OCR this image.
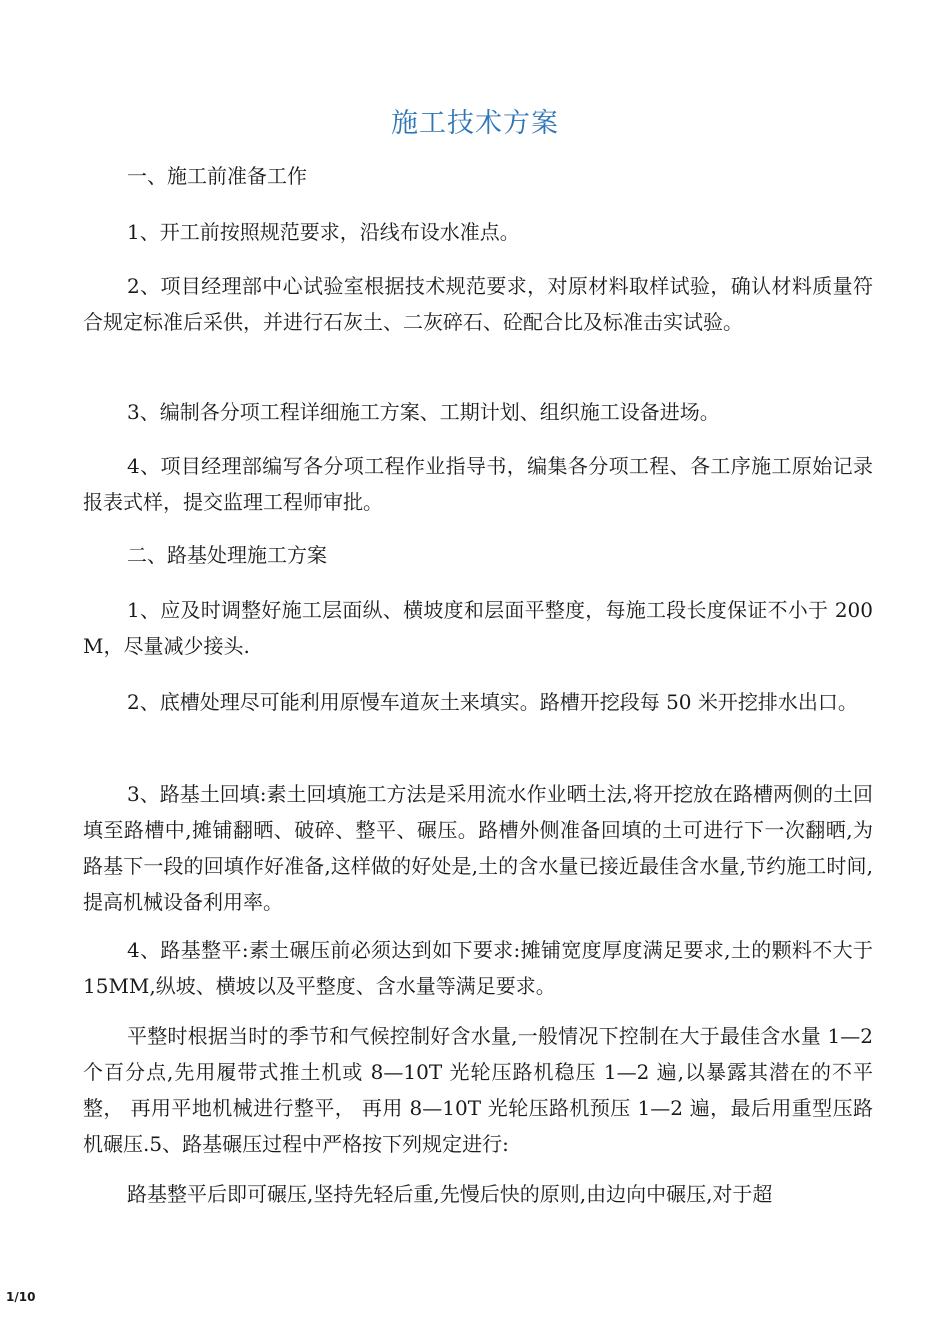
施工技术方案
一、施工前准备工作
1、开工前按照规范要求，沿线布设水准点。
2、项目经理部中心试验室根据技术规范要求，对原材料取样试验，确认材料质量符合规定标准后采供，并进行石灰土、二灰碎石、砼配合比及标准击实试验。
3、编制各分项工程详细施工方案、工期计划、组织施工设备进场。
4、项目经理部编写各分项工程作业指导书，编集各分项工程、各工序施工原始记录报表式样，提交监理工程师审批。
二、路基处理施工方案
1、应及时调整好施工层面纵、横坡度和层面平整度，每施工段长度保证不小于 200M，尽量减少接头.
2、底槽处理尽可能利用原慢车道灰土来填实。路槽开挖段每 50 米开挖排水出口。
3、路基土回填:素土回填施工方法是采用流水作业晒土法,将开挖放在路槽两侧的土回填至路槽中,摊铺翻晒、破碎、整平、碾压。路槽外侧准备回填的土可进行下一次翻晒,为路基下一段的回填作好准备,这样做的好处是,土的含水量已接近最佳含水量,节约施工时间,提高机械设备利用率。
4、路基整平:素土碾压前必须达到如下要求:摊铺宽度厚度满足要求,土的颗料不大于 15MM,纵坡、横坡以及平整度、含水量等满足要求。
平整时根据当时的季节和气候控制好含水量,一般情况下控制在大于最佳含水量 1—2 个百分点,先用履带式推土机或 8—10T 光轮压路机稳压 1—2 遍,以暴露其潜在的不平整， 再用平地机械进行整平， 再用 8—10T 光轮压路机预压 1—2 遍，最后用重型压路机碾压.5、路基碾压过程中严格按下列规定进行:
路基整平后即可碾压,坚持先轻后重,先慢后快的原则,由边向中碾压,对于超
1/10
